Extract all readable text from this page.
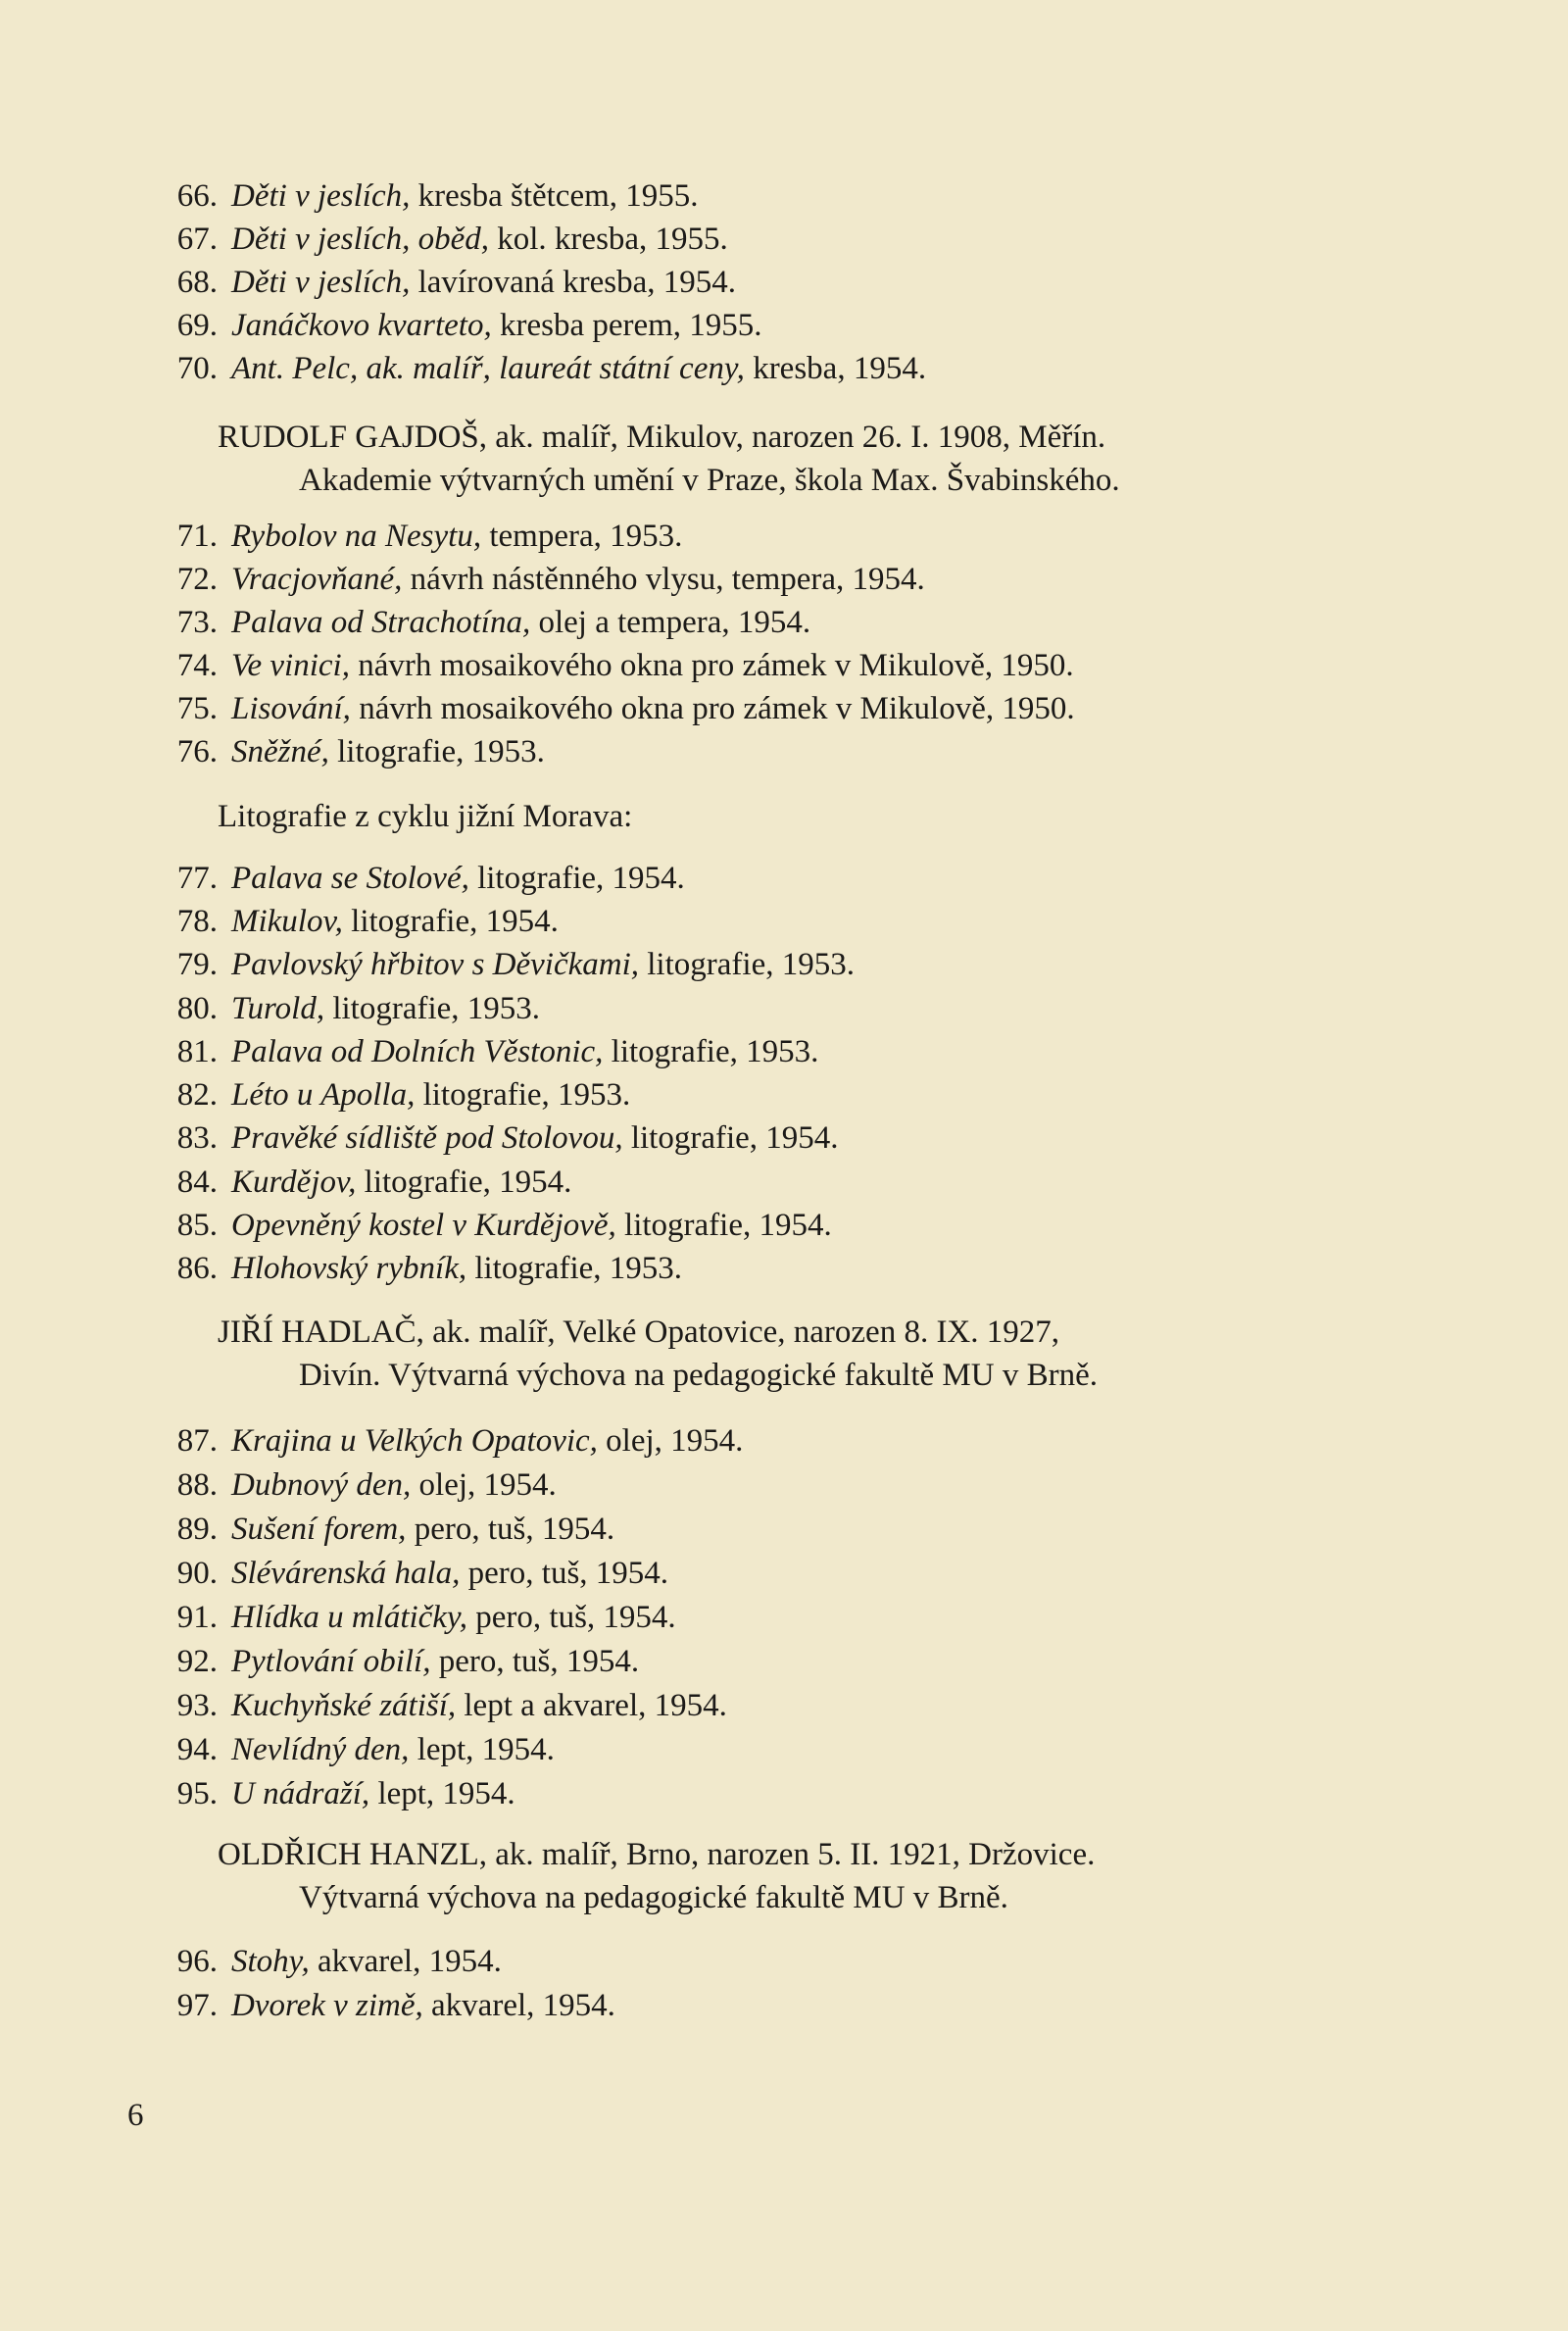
66. Děti v jeslích, kresba štětcem, 1955.
67. Děti v jeslích, oběd, kol. kresba, 1955.
68. Děti v jeslích, lavírovaná kresba, 1954.
69. Janáčkovo kvarteto, kresba perem, 1955.
70. Ant. Pelc, ak. malíř, laureát státní ceny, kresba, 1954.
RUDOLF GAJDOŠ, ak. malíř, Mikulov, narozen 26. I. 1908, Měřín.
Akademie výtvarných umění v Praze, škola Max. Švabinského.
71. Rybolov na Nesytu, tempera, 1953.
72. Vracjovňané, návrh nástěnného vlysu, tempera, 1954.
73. Palava od Strachotína, olej a tempera, 1954.
74. Ve vinici, návrh mosaikového okna pro zámek v Mikulově, 1950.
75. Lisování, návrh mosaikového okna pro zámek v Mikulově, 1950.
76. Sněžné, litografie, 1953.
Litografie z cyklu jižní Morava:
77. Palava se Stolové, litografie, 1954.
78. Mikulov, litografie, 1954.
79. Pavlovský hřbitov s Děvičkami, litografie, 1953.
80. Turold, litografie, 1953.
81. Palava od Dolních Věstonic, litografie, 1953.
82. Léto u Apolla, litografie, 1953.
83. Pravěké sídliště pod Stolovou, litografie, 1954.
84. Kurdějov, litografie, 1954.
85. Opevněný kostel v Kurdějově, litografie, 1954.
86. Hlohovský rybník, litografie, 1953.
JIŘÍ HADLAČ, ak. malíř, Velké Opatovice, narozen 8. IX. 1927,
Divín. Výtvarná výchova na pedagogické fakultě MU v Brně.
87. Krajina u Velkých Opatovic, olej, 1954.
88. Dubnový den, olej, 1954.
89. Sušení forem, pero, tuš, 1954.
90. Slévárenská hala, pero, tuš, 1954.
91. Hlídka u mlátičky, pero, tuš, 1954.
92. Pytlování obilí, pero, tuš, 1954.
93. Kuchyňské zátiší, lept a akvarel, 1954.
94. Nevlídný den, lept, 1954.
95. U nádraží, lept, 1954.
OLDŘICH HANZL, ak. malíř, Brno, narozen 5. II. 1921, Držovice.
Výtvarná výchova na pedagogické fakultě MU v Brně.
96. Stohy, akvarel, 1954.
97. Dvorek v zimě, akvarel, 1954.
6
